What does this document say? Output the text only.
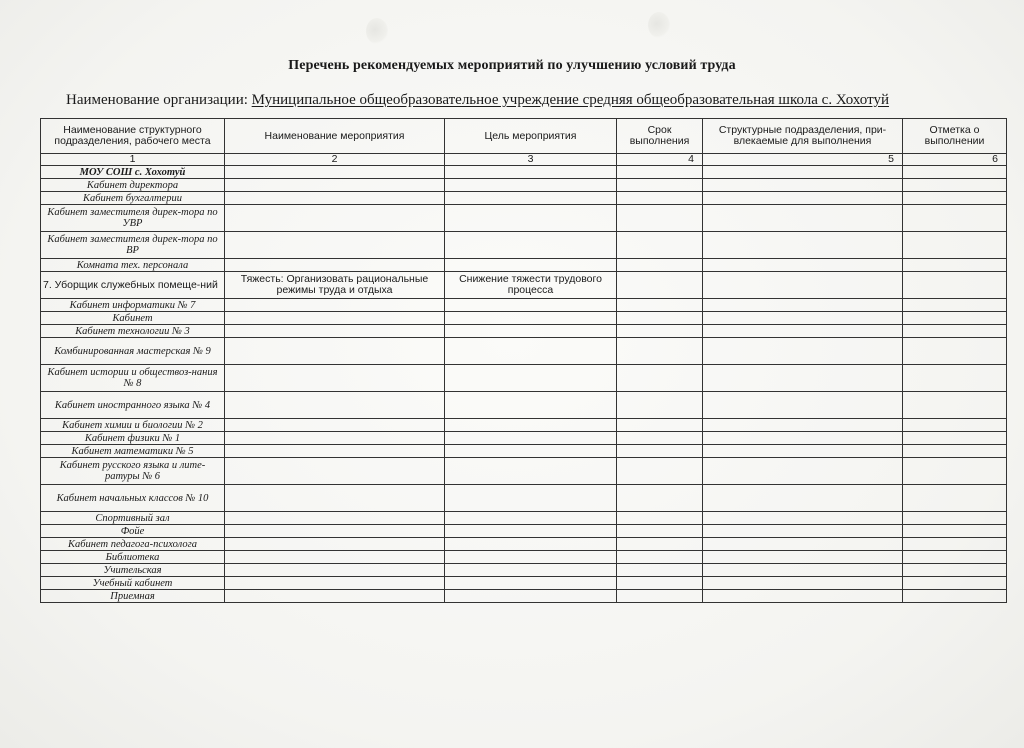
Перечень рекомендуемых мероприятий по улучшению условий труда
Наименование организации: Муниципальное общеобразовательное учреждение средняя общеобразовательная школа с. Хохотуй
Наименование структурного подразделения, рабочего места	Наименование мероприятия	Цель мероприятия	Срок выполнения	Структурные подразделения, при-влекаемые для выполнения	Отметка о выполнении
1	2	3	4	5	6
МОУ СОШ с. Хохотуй					
Кабинет директора					
Кабинет бухгалтерии					
Кабинет заместителя дирек-тора по УВР					
Кабинет заместителя дирек-тора по ВР					
Комната тех. персонала					
7. Уборщик служебных помеще-ний	Тяжесть: Организовать рациональные режимы труда и отдыха	Снижение тяжести трудового процесса			
Кабинет информатики № 7					
Кабинет					
Кабинет технологии № 3					
Комбинированная мастерская № 9					
Кабинет истории и обществоз-нания № 8					
Кабинет иностранного языка № 4					
Кабинет химии и биологии № 2					
Кабинет физики № 1					
Кабинет математики № 5					
Кабинет русского языка и лите-ратуры № 6					
Кабинет начальных классов № 10					
Спортивный зал					
Фойе					
Кабинет педагога-психолога					
Библиотека					
Учительская					
Учебный кабинет					
Приемная					
